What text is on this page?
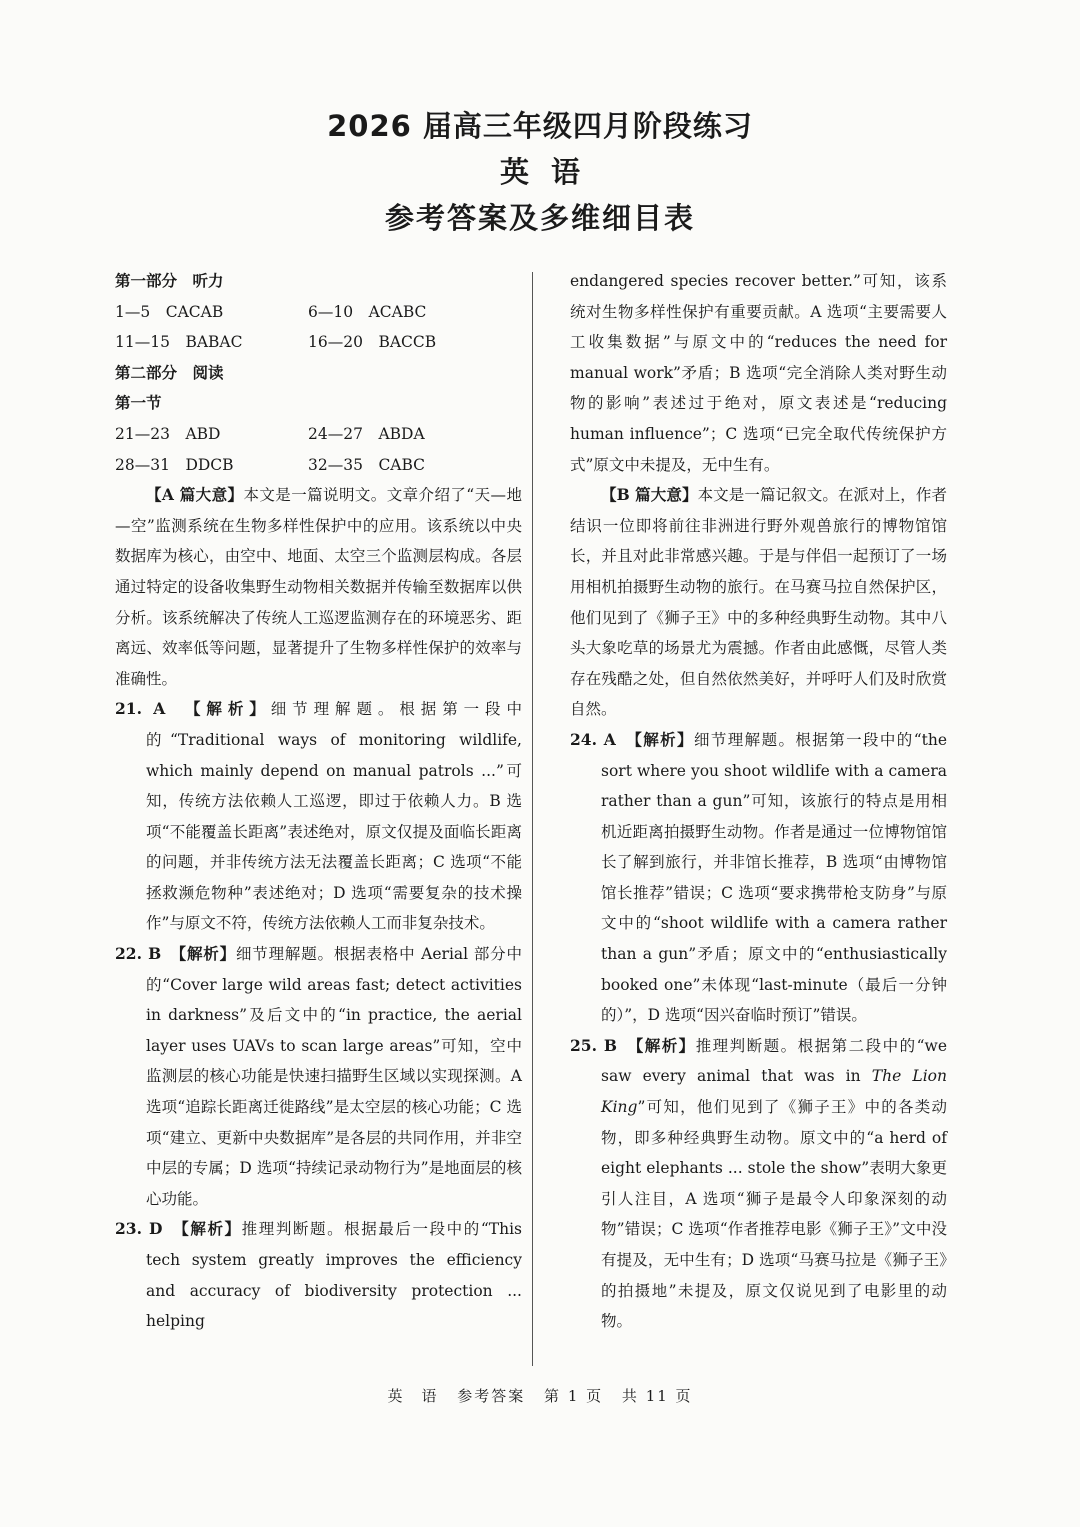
2026 届高三年级四月阶段练习
英语
参考答案及多维细目表

第一部分　听力

1—5　CACAB	6—10　ACABC
11—15　BABAC	16—20　BACCB

第二部分　阅读

第一节

21—23　ABD	24—27　ABDA
28—31　DDCB	32—35　CABC

【A 篇大意】本文是一篇说明文。文章介绍了“天—地—空”监测系统在生物多样性保护中的应用。该系统以中央数据库为核心，由空中、地面、太空三个监测层构成。各层通过特定的设备收集野生动物相关数据并传输至数据库以供分析。该系统解决了传统人工巡逻监测存在的环境恶劣、距离远、效率低等问题，显著提升了生物多样性保护的效率与准确性。

21. A　【解析】细节理解题。根据第一段中的“Traditional ways of monitoring wildlife, which mainly depend on manual patrols ...”可知，传统方法依赖人工巡逻，即过于依赖人力。B 选项“不能覆盖长距离”表述绝对，原文仅提及面临长距离的问题，并非传统方法无法覆盖长距离；C 选项“不能拯救濒危物种”表述绝对；D 选项“需要复杂的技术操作”与原文不符，传统方法依赖人工而非复杂技术。

22. B　【解析】细节理解题。根据表格中 Aerial 部分中的“Cover large wild areas fast; detect activities in darkness”及后文中的“in practice, the aerial layer uses UAVs to scan large areas”可知，空中监测层的核心功能是快速扫描野生区域以实现探测。A 选项“追踪长距离迁徙路线”是太空层的核心功能；C 选项“建立、更新中央数据库”是各层的共同作用，并非空中层的专属；D 选项“持续记录动物行为”是地面层的核心功能。

23. D　【解析】推理判断题。根据最后一段中的“This tech system greatly improves the efficiency and accuracy of biodiversity protection ... helping

endangered species recover better.”可知，该系统对生物多样性保护有重要贡献。A 选项“主要需要人工收集数据”与原文中的“reduces the need for manual work”矛盾；B 选项“完全消除人类对野生动物的影响”表述过于绝对，原文表述是“reducing human influence”；C 选项“已完全取代传统保护方式”原文中未提及，无中生有。

【B 篇大意】本文是一篇记叙文。在派对上，作者结识一位即将前往非洲进行野外观兽旅行的博物馆馆长，并且对此非常感兴趣。于是与伴侣一起预订了一场用相机拍摄野生动物的旅行。在马赛马拉自然保护区，他们见到了《狮子王》中的多种经典野生动物。其中八头大象吃草的场景尤为震撼。作者由此感慨，尽管人类存在残酷之处，但自然依然美好，并呼吁人们及时欣赏自然。

24. A　【解析】细节理解题。根据第一段中的“the sort where you shoot wildlife with a camera rather than a gun”可知，该旅行的特点是用相机近距离拍摄野生动物。作者是通过一位博物馆馆长了解到旅行，并非馆长推荐，B 选项“由博物馆馆长推荐”错误；C 选项“要求携带枪支防身”与原文中的“shoot wildlife with a camera rather than a gun”矛盾；原文中的“enthusiastically booked one”未体现“last-minute（最后一分钟的）”，D 选项“因兴奋临时预订”错误。

25. B　【解析】推理判断题。根据第二段中的“we saw every animal that was in The Lion King”可知，他们见到了《狮子王》中的各类动物，即多种经典野生动物。原文中的“a herd of eight elephants ... stole the show”表明大象更引人注目，A 选项“狮子是最令人印象深刻的动物”错误；C 选项“作者推荐电影《狮子王》”文中没有提及，无中生有；D 选项“马赛马拉是《狮子王》的拍摄地”未提及，原文仅说见到了电影里的动物。

英　语 参考答案 第 1 页 共 11 页
